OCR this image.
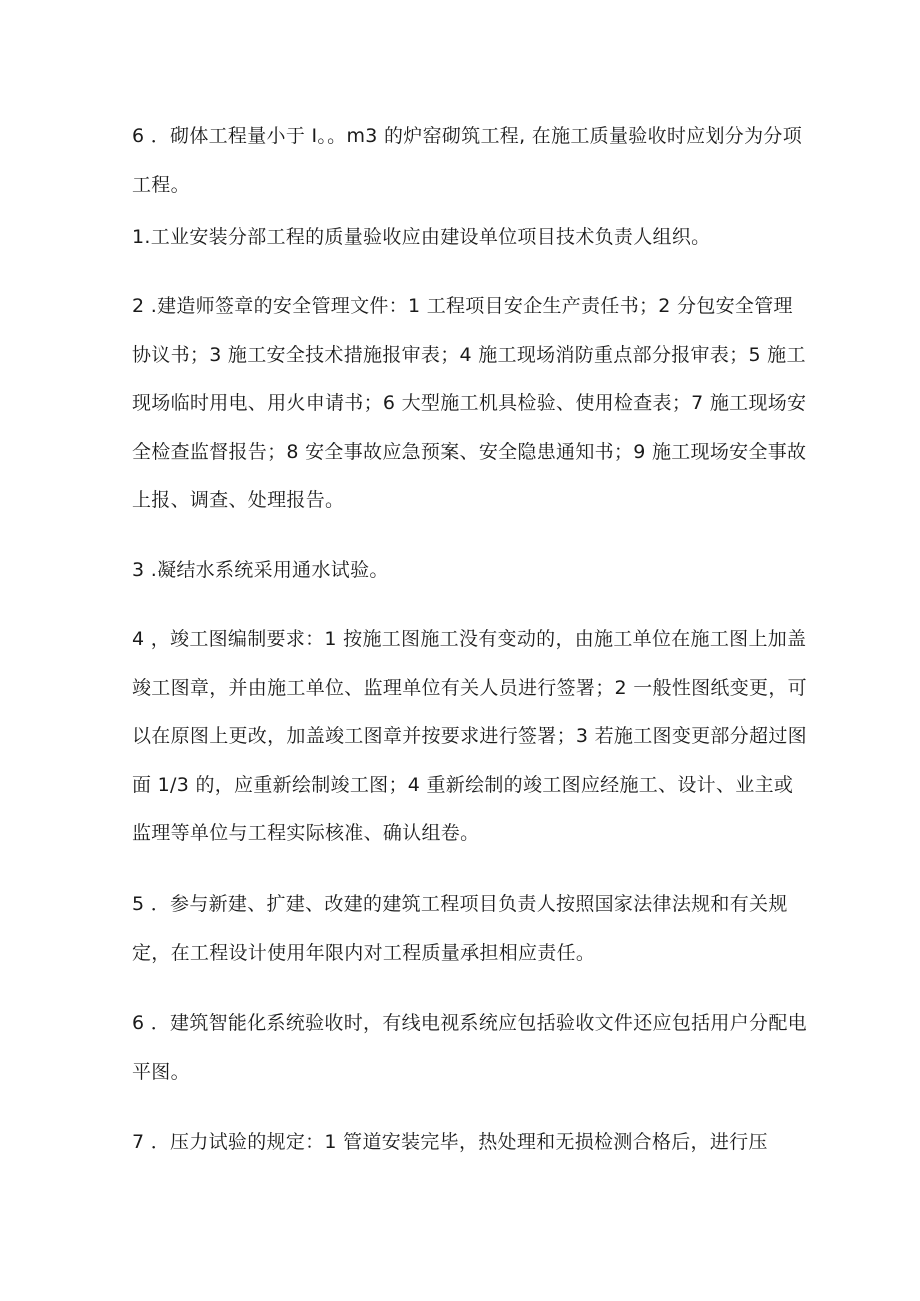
6 ．砌体工程量小于 I。。m3 的炉窑砌筑工程, 在施工质量验收时应划分为分项工程。

1.工业安装分部工程的质量验收应由建设单位项目技术负责人组织。

2 .建造师签章的安全管理文件：1 工程项目安企生产责任书；2 分包安全管理协议书；3 施工安全技术措施报审表；4 施工现场消防重点部分报审表；5 施工现场临时用电、用火申请书；6 大型施工机具检验、使用检查表；7 施工现场安全检查监督报告；8 安全事故应急预案、安全隐患通知书；9 施工现场安全事故上报、调查、处理报告。

3 .凝结水系统采用通水试验。

4 ，竣工图编制要求：1 按施工图施工没有变动的，由施工单位在施工图上加盖竣工图章，并由施工单位、监理单位有关人员进行签署；2 一般性图纸变更，可以在原图上更改，加盖竣工图章并按要求进行签署；3 若施工图变更部分超过图面 1/3 的，应重新绘制竣工图；4 重新绘制的竣工图应经施工、设计、业主或监理等单位与工程实际核准、确认组卷。

5 ．参与新建、扩建、改建的建筑工程项目负责人按照国家法律法规和有关规定，在工程设计使用年限内对工程质量承担相应责任。

6 ．建筑智能化系统验收时，有线电视系统应包括验收文件还应包括用户分配电平图。

7 ．压力试验的规定：1 管道安装完毕，热处理和无损检测合格后，进行压
